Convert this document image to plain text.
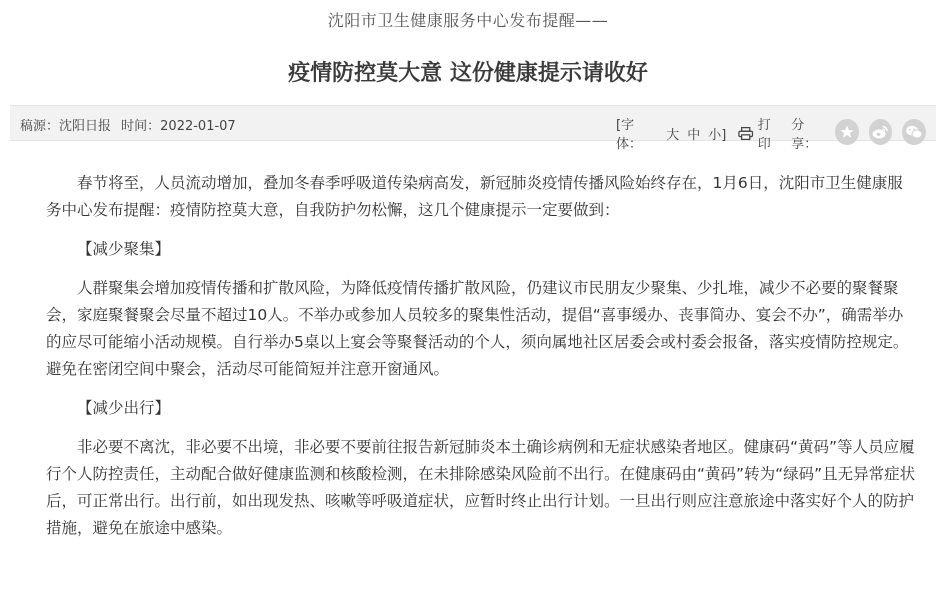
沈阳市卫生健康服务中心发布提醒——
疫情防控莫大意 这份健康提示请收好
稿源：沈阳日报 时间：2022-01-07	[字体：
大 中 小]
打印
分享：

春节将至，人员流动增加，叠加冬春季呼吸道传染病高发，新冠肺炎疫情传播风险始终存在，1月6日，沈阳市卫生健康服务中心发布提醒：疫情防控莫大意，自我防护勿松懈，这几个健康提示一定要做到：

【减少聚集】

人群聚集会增加疫情传播和扩散风险，为降低疫情传播扩散风险，仍建议市民朋友少聚集、少扎堆，减少不必要的聚餐聚会，家庭聚餐聚会尽量不超过10人。不举办或参加人员较多的聚集性活动，提倡“喜事缓办、丧事简办、宴会不办”，确需举办的应尽可能缩小活动规模。自行举办5桌以上宴会等聚餐活动的个人，须向属地社区居委会或村委会报备，落实疫情防控规定。避免在密闭空间中聚会，活动尽可能简短并注意开窗通风。

【减少出行】

非必要不离沈，非必要不出境，非必要不要前往报告新冠肺炎本土确诊病例和无症状感染者地区。健康码“黄码”等人员应履行个人防控责任，主动配合做好健康监测和核酸检测，在未排除感染风险前不出行。在健康码由“黄码”转为“绿码”且无异常症状后，可正常出行。出行前，如出现发热、咳嗽等呼吸道症状，应暂时终止出行计划。一旦出行则应注意旅途中落实好个人的防护措施，避免在旅途中感染。
